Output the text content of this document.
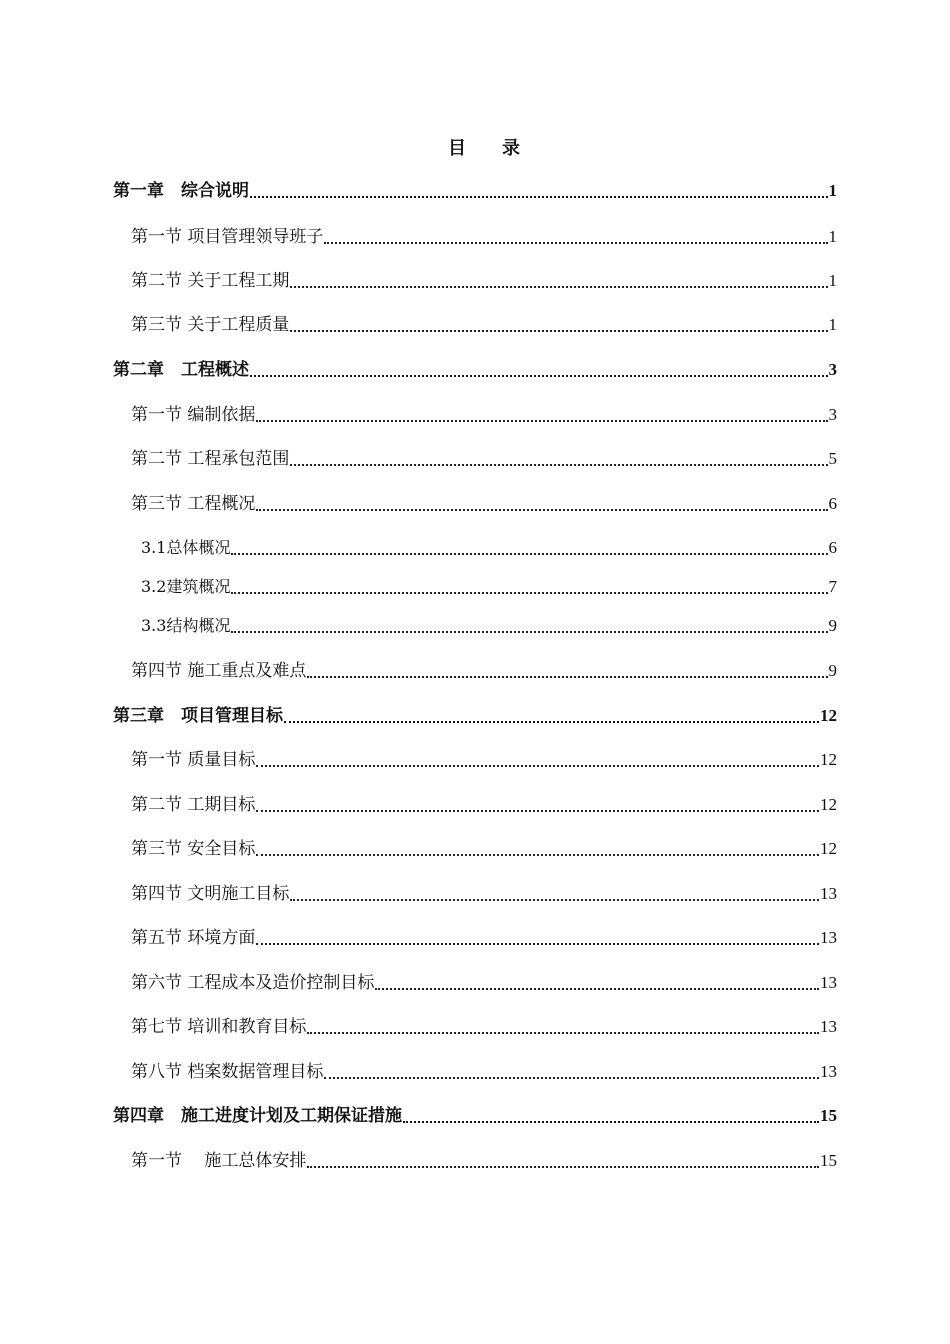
目　　录
第一章　综合说明	1
第一节 项目管理领导班子	1
第二节 关于工程工期	1
第三节 关于工程质量	1
第二章　工程概述	3
第一节 编制依据	3
第二节 工程承包范围	5
第三节 工程概况	6
3.1总体概况	6
3.2建筑概况	7
3.3结构概况	9
第四节 施工重点及难点	9
第三章　项目管理目标	12
第一节 质量目标	12
第二节 工期目标	12
第三节 安全目标	12
第四节 文明施工目标	13
第五节 环境方面	13
第六节 工程成本及造价控制目标	13
第七节 培训和教育目标	13
第八节 档案数据管理目标	13
第四章　施工进度计划及工期保证措施	15
第一节　 施工总体安排	15
